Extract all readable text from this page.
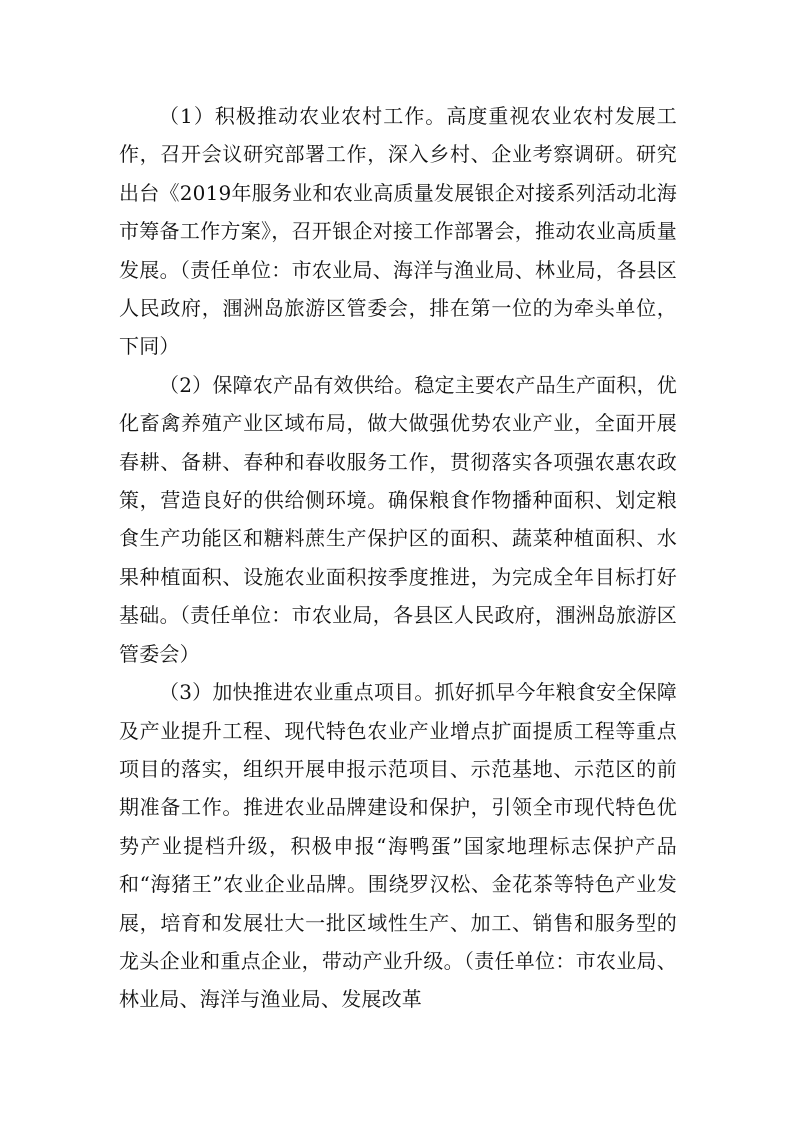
（1）积极推动农业农村工作。高度重视农业农村发展工作，召开会议研究部署工作，深入乡村、企业考察调研。研究出台《2019年服务业和农业高质量发展银企对接系列活动北海市筹备工作方案》，召开银企对接工作部署会，推动农业高质量发展。（责任单位：市农业局、海洋与渔业局、林业局，各县区人民政府，涠洲岛旅游区管委会，排在第一位的为牵头单位，下同）

（2）保障农产品有效供给。稳定主要农产品生产面积，优化畜禽养殖产业区域布局，做大做强优势农业产业，全面开展春耕、备耕、春种和春收服务工作，贯彻落实各项强农惠农政策，营造良好的供给侧环境。确保粮食作物播种面积、划定粮食生产功能区和糖料蔗生产保护区的面积、蔬菜种植面积、水果种植面积、设施农业面积按季度推进，为完成全年目标打好基础。（责任单位：市农业局，各县区人民政府，涠洲岛旅游区管委会）

（3）加快推进农业重点项目。抓好抓早今年粮食安全保障及产业提升工程、现代特色农业产业增点扩面提质工程等重点项目的落实，组织开展申报示范项目、示范基地、示范区的前期准备工作。推进农业品牌建设和保护，引领全市现代特色优势产业提档升级，积极申报“海鸭蛋”国家地理标志保护产品和“海猪王”农业企业品牌。围绕罗汉松、金花茶等特色产业发展，培育和发展壮大一批区域性生产、加工、销售和服务型的龙头企业和重点企业，带动产业升级。（责任单位：市农业局、林业局、海洋与渔业局、发展改革
